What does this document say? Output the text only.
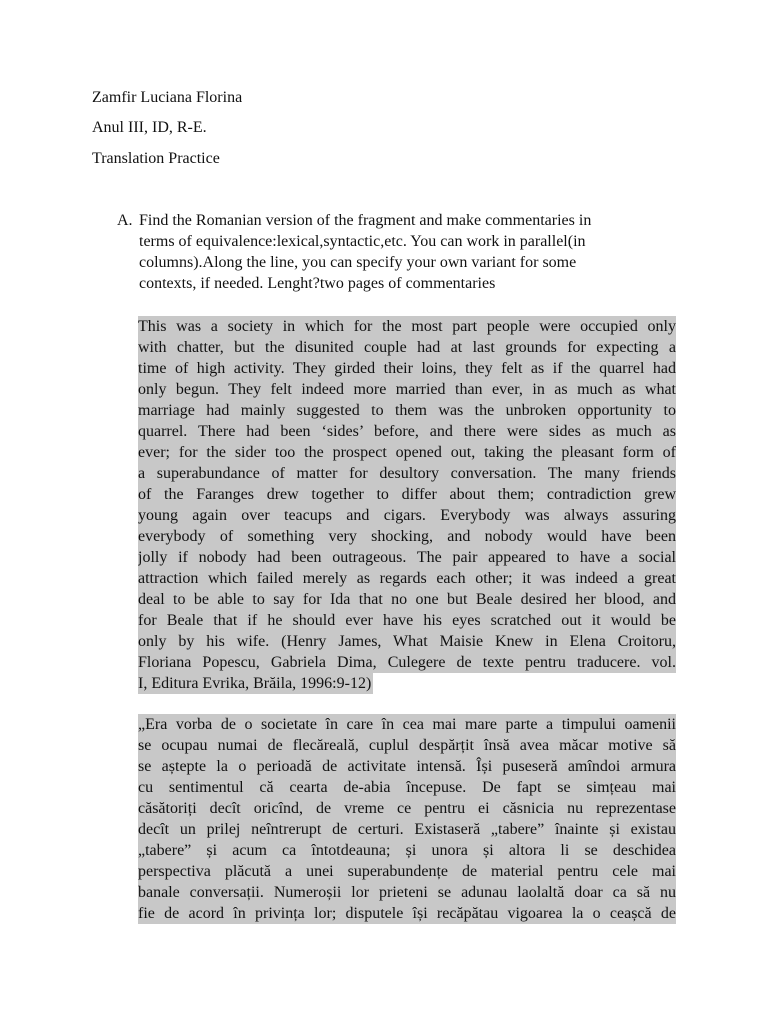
Zamfir Luciana Florina
Anul III, ID, R-E.
Translation Practice
A. Find the Romanian version of the fragment and make commentaries in
terms of equivalence:lexical,syntactic,etc. You can work in parallel(in
columns).Along the line, you can specify your own variant for some
contexts, if needed. Lenght?two pages of commentaries
This was a society in which for the most part people were occupied only
with chatter, but the disunited couple had at last grounds for expecting a
time of high activity. They girded their loins, they felt as if the quarrel had
only begun. They felt indeed more married than ever, in as much as what
marriage had mainly suggested to them was the unbroken opportunity to
quarrel. There had been ‘sides’ before, and there were sides as much as
ever; for the sider too the prospect opened out, taking the pleasant form of
a superabundance of matter for desultory conversation. The many friends
of the Faranges drew together to differ about them; contradiction grew
young again over teacups and cigars. Everybody was always assuring
everybody of something very shocking, and nobody would have been
jolly if nobody had been outrageous. The pair appeared to have a social
attraction which failed merely as regards each other; it was indeed a great
deal to be able to say for Ida that no one but Beale desired her blood, and
for Beale that if he should ever have his eyes scratched out it would be
only by his wife. (Henry James, What Maisie Knew in Elena Croitoru,
Floriana Popescu, Gabriela Dima, Culegere de texte pentru traducere. vol.
I, Editura Evrika, Brăila, 1996:9-12)
„Era vorba de o societate în care în cea mai mare parte a timpului oamenii
se ocupau numai de flecăreală, cuplul despărțit însă avea măcar motive să
se aștepte la o perioadă de activitate intensă. Își puseseră amîndoi armura
cu sentimentul că cearta de-abia începuse. De fapt se simțeau mai
căsătoriți decît oricînd, de vreme ce pentru ei căsnicia nu reprezentase
decît un prilej neîntrerupt de certuri. Existaseră „tabere” înainte și existau
„tabere” și acum ca întotdeauna; și unora și altora li se deschidea
perspectiva plăcută a unei superabundențe de material pentru cele mai
banale conversații. Numeroșii lor prieteni se adunau laolaltă doar ca să nu
fie de acord în privința lor; disputele își recăpătau vigoarea la o ceașcă de
